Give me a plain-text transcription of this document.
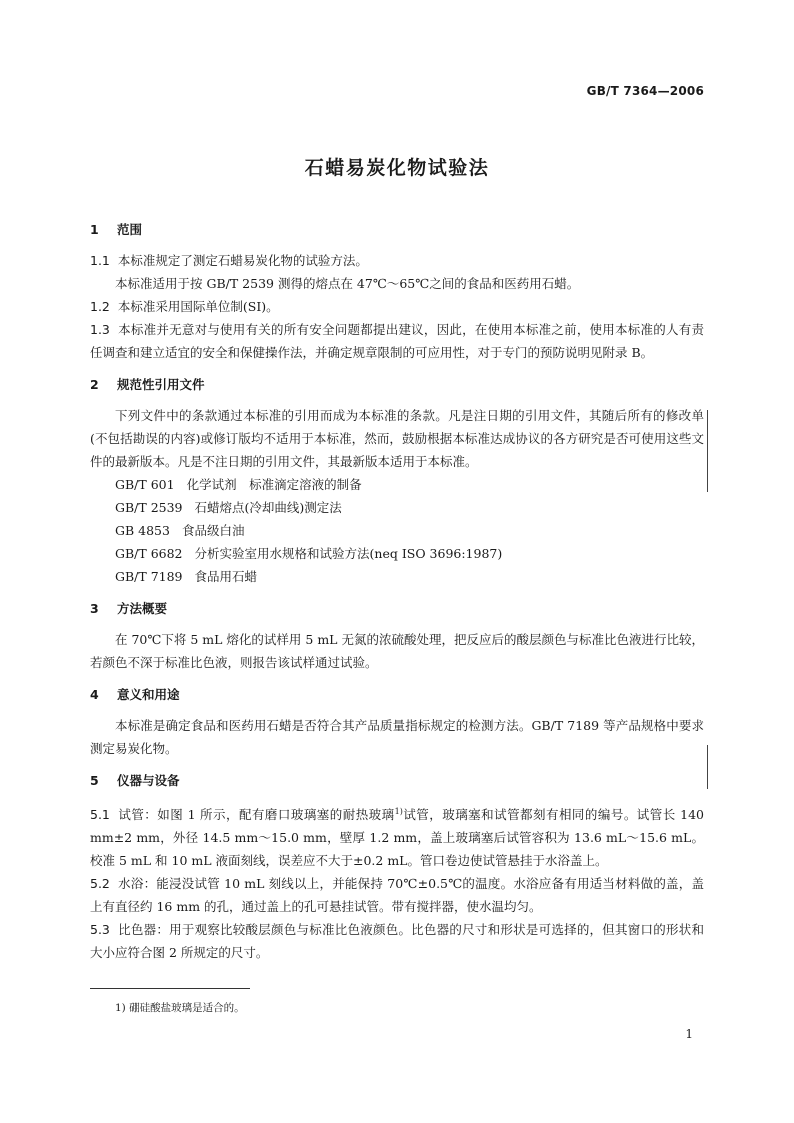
GB/T 7364—2006
石蜡易炭化物试验法
1 范围
1.1 本标准规定了测定石蜡易炭化物的试验方法。
本标准适用于按 GB/T 2539 测得的熔点在 47℃～65℃之间的食品和医药用石蜡。
1.2 本标准采用国际单位制(SI)。
1.3 本标准并无意对与使用有关的所有安全问题都提出建议，因此，在使用本标准之前，使用本标准的人有责任调查和建立适宜的安全和保健操作法，并确定规章限制的可应用性，对于专门的预防说明见附录 B。
2 规范性引用文件
下列文件中的条款通过本标准的引用而成为本标准的条款。凡是注日期的引用文件，其随后所有的修改单(不包括勘误的内容)或修订版均不适用于本标准，然而，鼓励根据本标准达成协议的各方研究是否可使用这些文件的最新版本。凡是不注日期的引用文件，其最新版本适用于本标准。
GB/T 601 化学试剂　标准滴定溶液的制备
GB/T 2539 石蜡熔点(冷却曲线)测定法
GB 4853 食品级白油
GB/T 6682 分析实验室用水规格和试验方法(neq ISO 3696:1987)
GB/T 7189 食品用石蜡
3 方法概要
在 70℃下将 5 mL 熔化的试样用 5 mL 无氮的浓硫酸处理，把反应后的酸层颜色与标准比色液进行比较，若颜色不深于标准比色液，则报告该试样通过试验。
4 意义和用途
本标准是确定食品和医药用石蜡是否符合其产品质量指标规定的检测方法。GB/T 7189 等产品规格中要求测定易炭化物。
5 仪器与设备
5.1 试管：如图 1 所示，配有磨口玻璃塞的耐热玻璃$^{1)}$试管，玻璃塞和试管都刻有相同的编号。试管长 140 mm±2 mm，外径 14.5 mm～15.0 mm，壁厚 1.2 mm，盖上玻璃塞后试管容积为 13.6 mL～15.6 mL。校准 5 mL 和 10 mL 液面刻线，误差应不大于±0.2 mL。管口卷边使试管悬挂于水浴盖上。
5.2 水浴：能浸没试管 10 mL 刻线以上，并能保持 70℃±0.5℃的温度。水浴应备有用适当材料做的盖，盖上有直径约 16 mm 的孔，通过盖上的孔可悬挂试管。带有搅拌器，使水温均匀。
5.3 比色器：用于观察比较酸层颜色与标准比色液颜色。比色器的尺寸和形状是可选择的，但其窗口的形状和大小应符合图 2 所规定的尺寸。
1) 硼硅酸盐玻璃是适合的。
1
